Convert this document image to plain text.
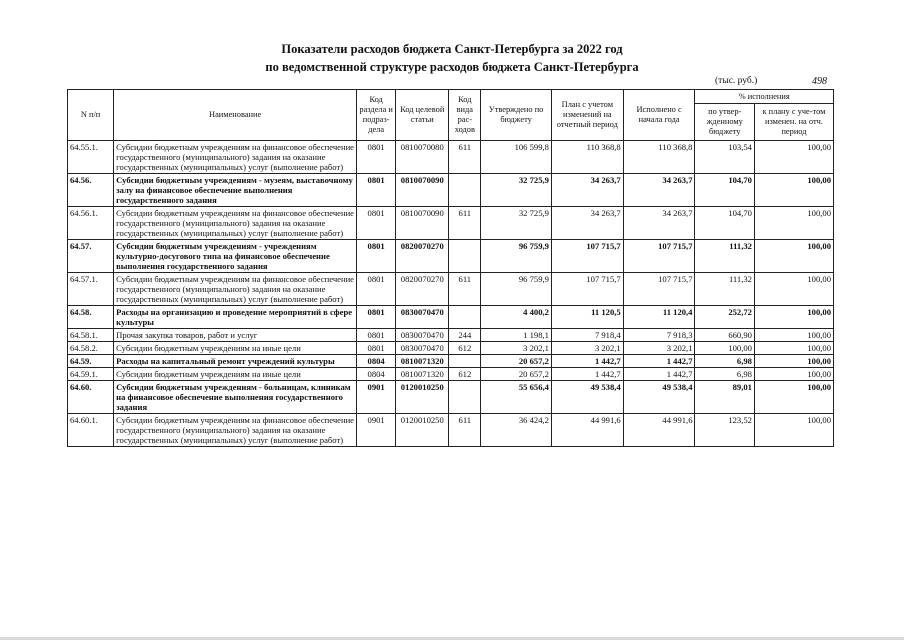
Показатели расходов бюджета Санкт-Петербурга за 2022 год
по ведомственной структуре расходов бюджета Санкт-Петербурга
(тыс. руб.)	498
N п/п	Наименование	Код раздела и подраз-дела	Код целевой статьи	Код вида рас-ходов	Утверждено по бюджету	План с учетом изменений на отчетный период	Исполнено с начала года	% исполнения	
								по утвер-жденному бюджету	к плану с уче-том изменен. на отч. период
64.55.1.	Субсидии бюджетным учреждениям на финансовое обеспечение государственного (муниципального) задания на оказание государственных (муниципальных) услуг (выполнение работ)	0801	0810070080	611	106 599,8	110 368,8	110 368,8	103,54	100,00
64.56.	Субсидии бюджетным учреждениям - музеям, выставочному залу на финансовое обеспечение выполнения государственного задания	0801	0810070090		32 725,9	34 263,7	34 263,7	104,70	100,00
64.56.1.	Субсидии бюджетным учреждениям на финансовое обеспечение государственного (муниципального) задания на оказание государственных (муниципальных) услуг (выполнение работ)	0801	0810070090	611	32 725,9	34 263,7	34 263,7	104,70	100,00
64.57.	Субсидии бюджетным учреждениям - учреждениям культурно-досугового типа на финансовое обеспечение выполнения государственного задания	0801	0820070270		96 759,9	107 715,7	107 715,7	111,32	100,00
64.57.1.	Субсидии бюджетным учреждениям на финансовое обеспечение государственного (муниципального) задания на оказание государственных (муниципальных) услуг (выполнение работ)	0801	0820070270	611	96 759,9	107 715,7	107 715,7	111,32	100,00
64.58.	Расходы на организацию и проведение мероприятий в сфере культуры	0801	0830070470		4 400,2	11 120,5	11 120,4	252,72	100,00
64.58.1.	Прочая закупка товаров, работ и услуг	0801	0830070470	244	1 198,1	7 918,4	7 918,3	660,90	100,00
64.58.2.	Субсидии бюджетным учреждениям на иные цели	0801	0830070470	612	3 202,1	3 202,1	3 202,1	100,00	100,00
64.59.	Расходы на капитальный ремонт учреждений культуры	0804	0810071320		20 657,2	1 442,7	1 442,7	6,98	100,00
64.59.1.	Субсидии бюджетным учреждениям на иные цели	0804	0810071320	612	20 657,2	1 442,7	1 442,7	6,98	100,00
64.60.	Субсидии бюджетным учреждениям - больницам, клиникам на финансовое обеспечение выполнения государственного задания	0901	0120010250		55 656,4	49 538,4	49 538,4	89,01	100,00
64.60.1.	Субсидии бюджетным учреждениям на финансовое обеспечение государственного (муниципального) задания на оказание государственных (муниципальных) услуг (выполнение работ)	0901	0120010250	611	36 424,2	44 991,6	44 991,6	123,52	100,00
